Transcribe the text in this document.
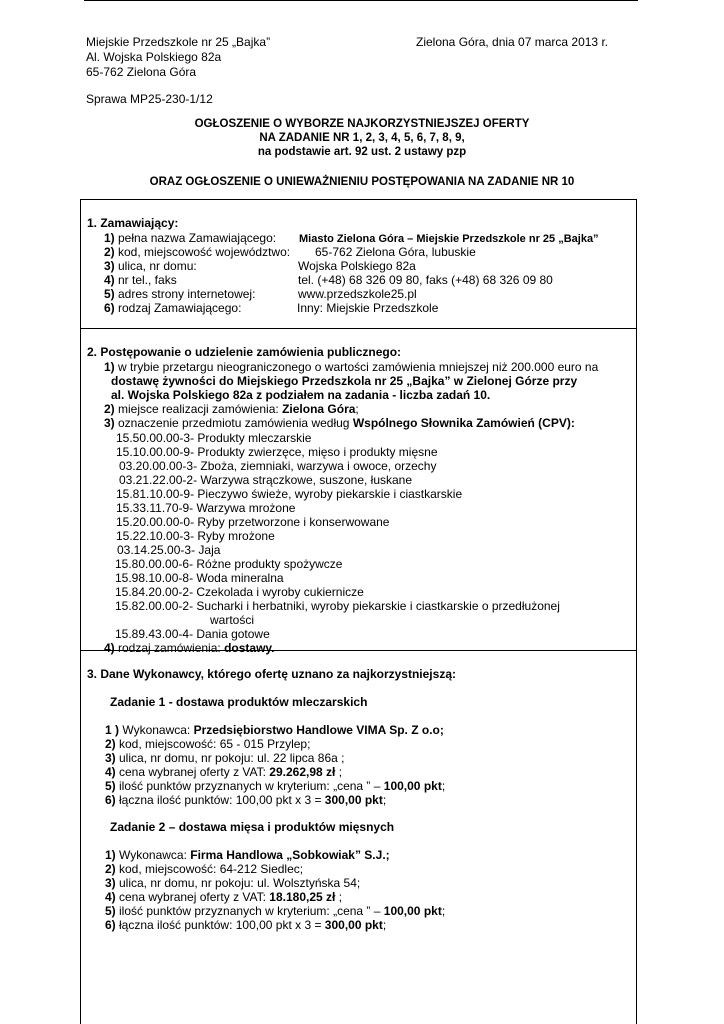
Miejskie Przedszkole nr 25 „Bajka”
Al. Wojska Polskiego 82a
65-762 Zielona Góra
Zielona Góra, dnia 07 marca 2013 r.
Sprawa MP25-230-1/12
OGŁOSZENIE O WYBORZE NAJKORZYSTNIEJSZEJ OFERTY
NA ZADANIE NR 1, 2, 3, 4, 5, 6, 7, 8, 9,
na podstawie art. 92 ust. 2 ustawy pzp
ORAZ OGŁOSZENIE O UNIEWAŻNIENIU POSTĘPOWANIA NA ZADANIE NR 10
1. Zamawiający:
1) pełna nazwa Zamawiającego: Miasto Zielona Góra – Miejskie Przedszkole nr 25 „Bajka”
2) kod, miejscowość województwo: 65-762 Zielona Góra, lubuskie
3) ulica, nr domu:	Wojska Polskiego 82a
4) nr tel., faks	tel. (+48) 68 326 09 80, faks (+48) 68 326 09 80
5) adres strony internetowej:	www.przedszkole25.pl
6) rodzaj Zamawiającego:	Inny: Miejskie Przedszkole
2. Postępowanie o udzielenie zamówienia publicznego:
1) w trybie przetargu nieograniczonego o wartości zamówienia mniejszej niż 200.000 euro na
dostawę żywności do Miejskiego Przedszkola nr 25 „Bajka” w Zielonej Górze przy
al. Wojska Polskiego 82a z podziałem na zadania - liczba zadań 10.
2) miejsce realizacji zamówienia: Zielona Góra;
3) oznaczenie przedmiotu zamówienia według Wspólnego Słownika Zamówień (CPV):
15.50.00.00-3- Produkty mleczarskie
15.10.00.00-9- Produkty zwierzęce, mięso i produkty mięsne
03.20.00.00-3- Zboża, ziemniaki, warzywa i owoce, orzechy
03.21.22.00-2- Warzywa strączkowe, suszone, łuskane
15.81.10.00-9- Pieczywo świeże, wyroby piekarskie i ciastkarskie
15.33.11.70-9- Warzywa mrożone
15.20.00.00-0- Ryby przetworzone i konserwowane
15.22.10.00-3- Ryby mrożone
03.14.25.00-3- Jaja
15.80.00.00-6- Różne produkty spożywcze
15.98.10.00-8- Woda mineralna
15.84.20.00-2- Czekolada i wyroby cukiernicze
15.82.00.00-2- Sucharki i herbatniki, wyroby piekarskie i ciastkarskie o przedłużonej
wartości
15.89.43.00-4- Dania gotowe
4) rodzaj zamówienia: dostawy.
3. Dane Wykonawcy, którego ofertę uznano za najkorzystniejszą:
Zadanie 1 - dostawa produktów mleczarskich
1 ) Wykonawca: Przedsiębiorstwo Handlowe VIMA Sp. Z o.o;
2) kod, miejscowość: 65 - 015 Przylep;
3) ulica, nr domu, nr pokoju: ul. 22 lipca 86a ;
4) cena wybranej oferty z VAT: 29.262,98 zł ;
5) ilość punktów przyznanych w kryterium: „cena ” – 100,00 pkt;
6) łączna ilość punktów: 100,00 pkt x 3 = 300,00 pkt;
Zadanie 2 – dostawa mięsa i produktów mięsnych
1) Wykonawca: Firma Handlowa „Sobkowiak” S.J.;
2) kod, miejscowość: 64-212 Siedlec;
3) ulica, nr domu, nr pokoju: ul. Wolsztyńska 54;
4) cena wybranej oferty z VAT: 18.180,25 zł ;
5) ilość punktów przyznanych w kryterium: „cena ” – 100,00 pkt;
6) łączna ilość punktów: 100,00 pkt x 3 = 300,00 pkt;
